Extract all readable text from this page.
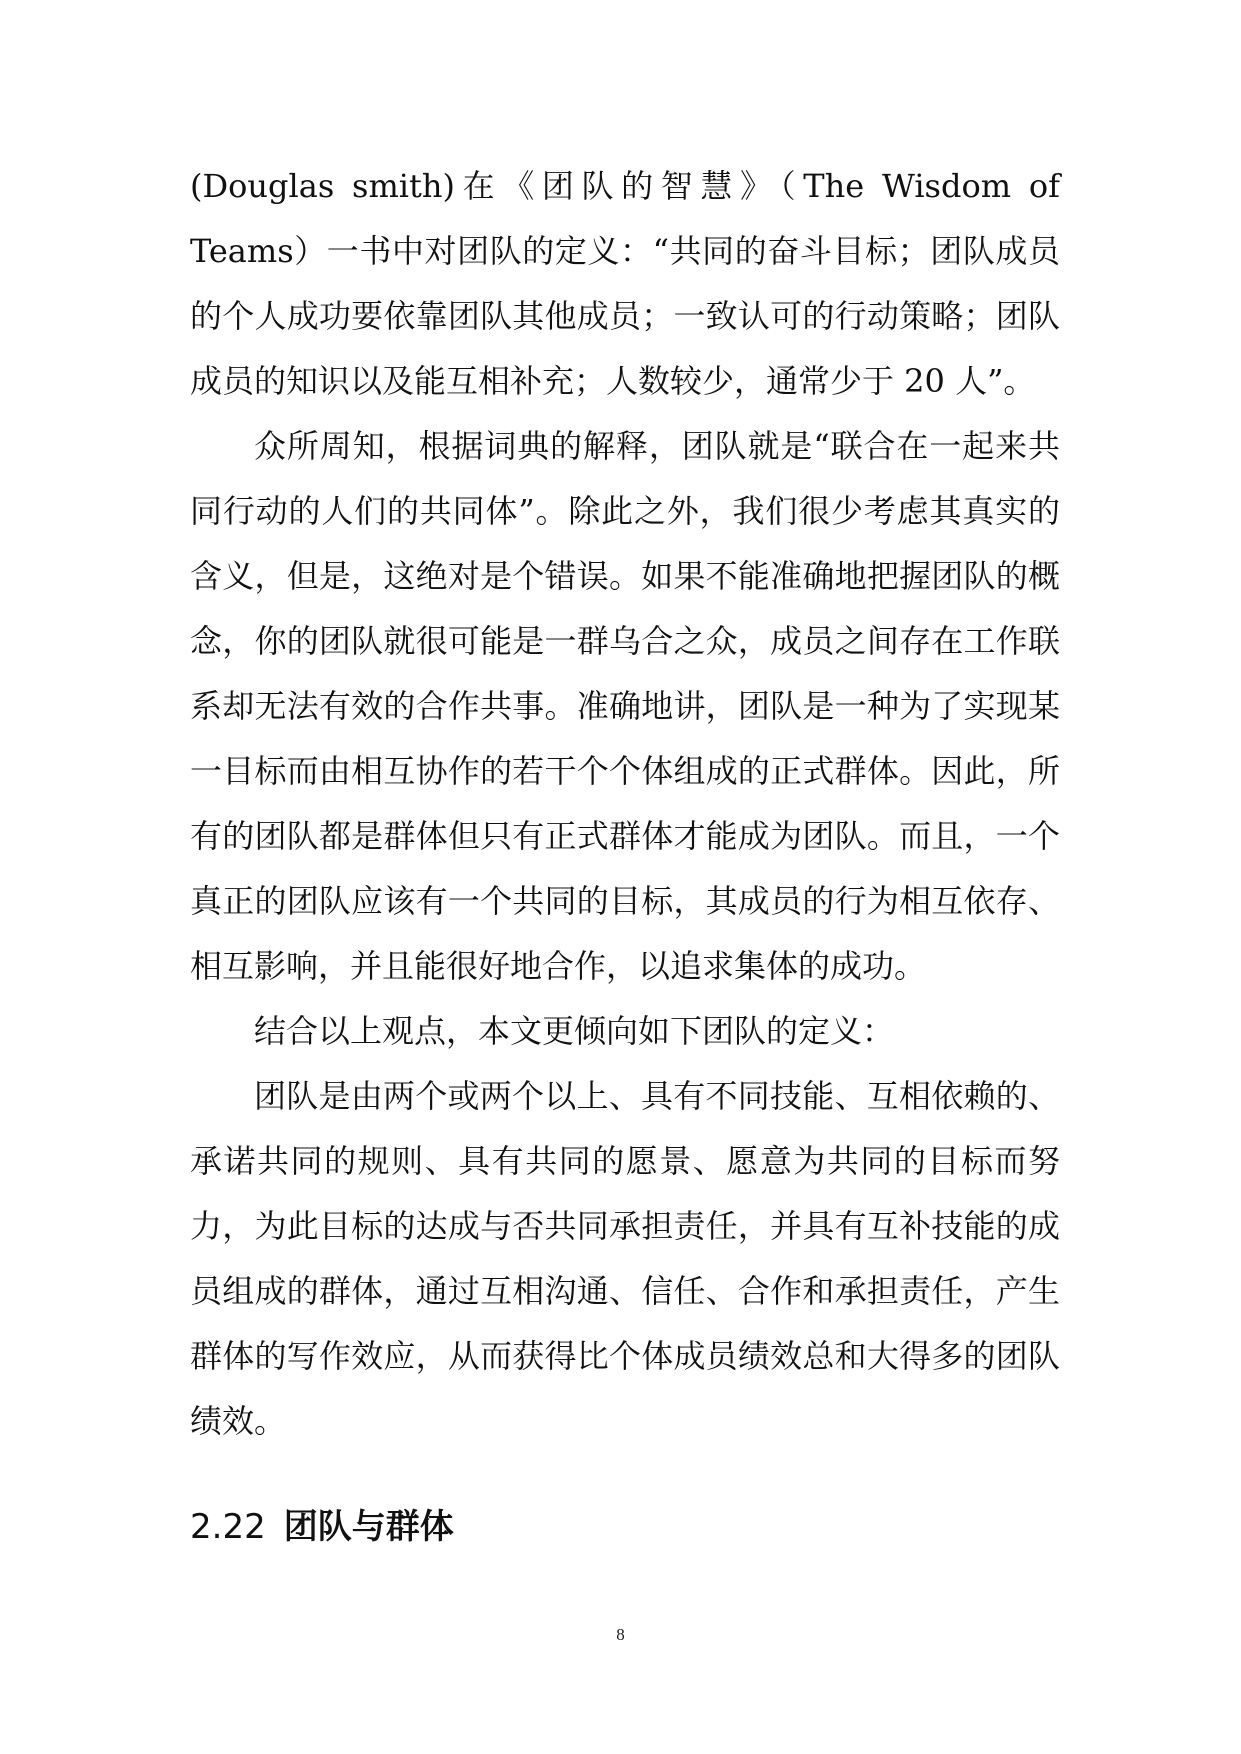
(Douglas smith)在《团队的智慧》（The Wisdom of Teams）一书中对团队的定义：“共同的奋斗目标；团队成员的个人成功要依靠团队其他成员；一致认可的行动策略；团队成员的知识以及能互相补充；人数较少，通常少于 20 人”。

众所周知，根据词典的解释，团队就是“联合在一起来共同行动的人们的共同体”。除此之外，我们很少考虑其真实的含义，但是，这绝对是个错误。如果不能准确地把握团队的概念，你的团队就很可能是一群乌合之众，成员之间存在工作联系却无法有效的合作共事。准确地讲，团队是一种为了实现某一目标而由相互协作的若干个个体组成的正式群体。因此，所有的团队都是群体但只有正式群体才能成为团队。而且，一个真正的团队应该有一个共同的目标，其成员的行为相互依存、相互影响，并且能很好地合作，以追求集体的成功。

结合以上观点，本文更倾向如下团队的定义：

团队是由两个或两个以上、具有不同技能、互相依赖的、承诺共同的规则、具有共同的愿景、愿意为共同的目标而努力，为此目标的达成与否共同承担责任，并具有互补技能的成员组成的群体，通过互相沟通、信任、合作和承担责任，产生群体的写作效应，从而获得比个体成员绩效总和大得多的团队绩效。

2.22 团队与群体
8
